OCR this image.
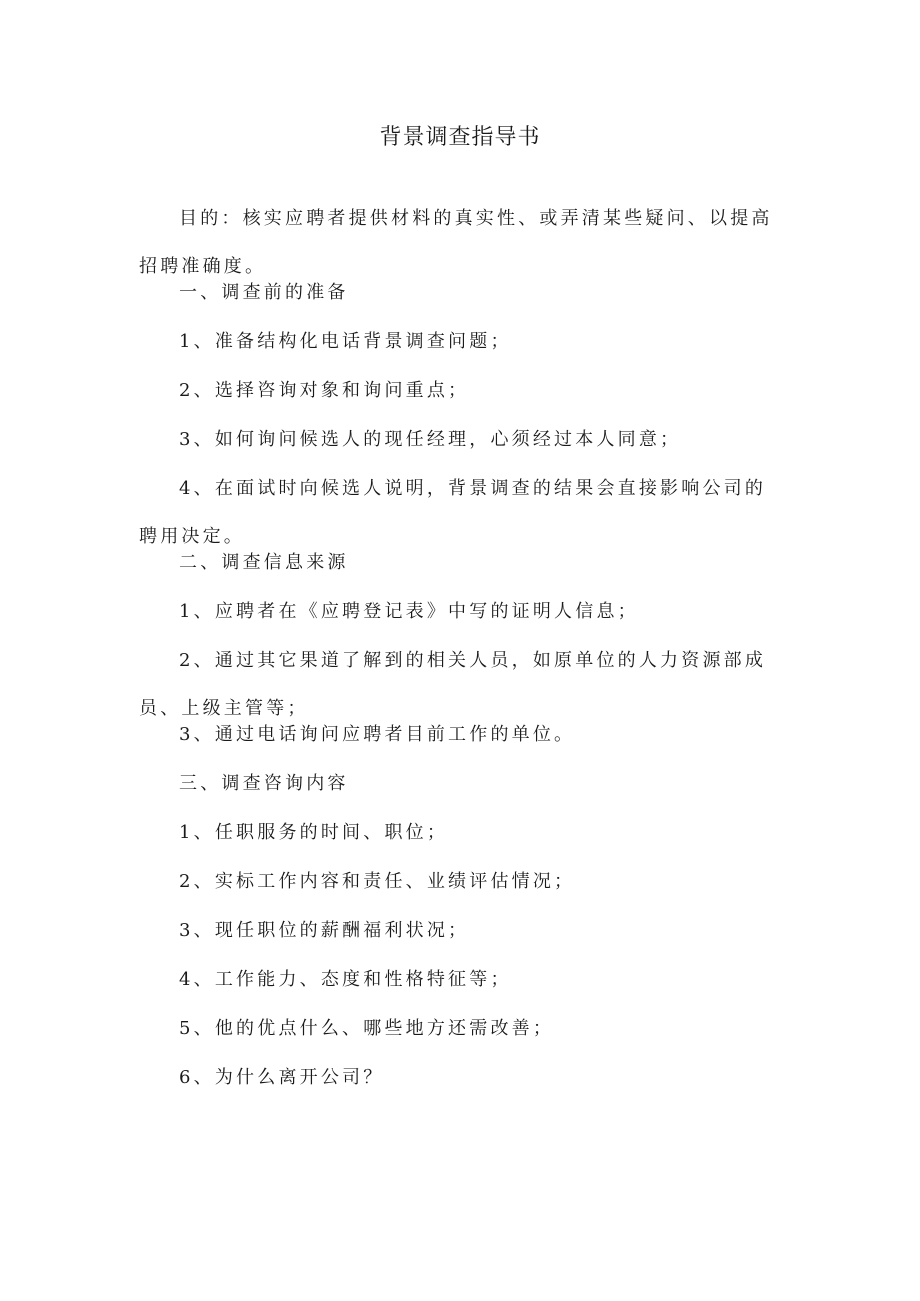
背景调查指导书

目的：核实应聘者提供材料的真实性、或弄清某些疑问、以提高招聘准确度。

一、调查前的准备

1、准备结构化电话背景调查问题；

2、选择咨询对象和询问重点；

3、如何询问候选人的现任经理，心须经过本人同意；

4、在面试时向候选人说明，背景调查的结果会直接影响公司的聘用决定。

二、调查信息来源

1、应聘者在《应聘登记表》中写的证明人信息；

2、通过其它果道了解到的相关人员，如原单位的人力资源部成员、上级主管等；

3、通过电话询问应聘者目前工作的单位。

三、调查咨询内容

1、任职服务的时间、职位；

2、实标工作内容和责任、业绩评估情况；

3、现任职位的薪酬福利状况；

4、工作能力、态度和性格特征等；

5、他的优点什么、哪些地方还需改善；

6、为什么离开公司？
